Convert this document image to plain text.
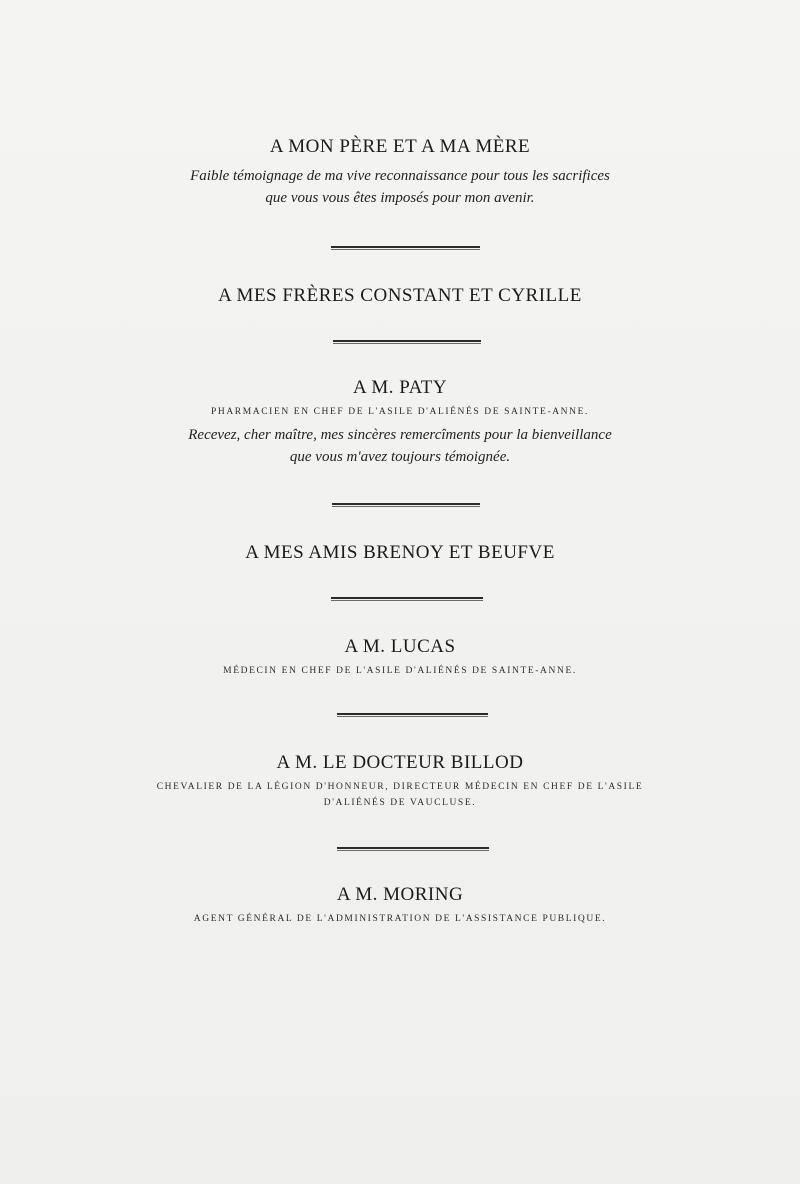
A MON PÈRE ET A MA MÈRE

Faible témoignage de ma vive reconnaissance pour tous les sacrifices

que vous vous êtes imposés pour mon avenir.

A MES FRÈRES CONSTANT ET CYRILLE

A M. PATY

PHARMACIEN EN CHEF DE L'ASILE D'ALIÉNÉS DE SAINTE-ANNE.

Recevez, cher maître, mes sincères remercîments pour la bienveillance

que vous m'avez toujours témoignée.

A MES AMIS BRENOY ET BEUFVE

A M. LUCAS

MÉDECIN EN CHEF DE L'ASILE D'ALIÉNÉS DE SAINTE-ANNE.

A M. LE DOCTEUR BILLOD

CHEVALIER DE LA LÉGION D'HONNEUR, DIRECTEUR MÉDECIN EN CHEF DE L'ASILE

D'ALIÉNÉS DE VAUCLUSE.

A M. MORING

AGENT GÉNÉRAL DE L'ADMINISTRATION DE L'ASSISTANCE PUBLIQUE.
